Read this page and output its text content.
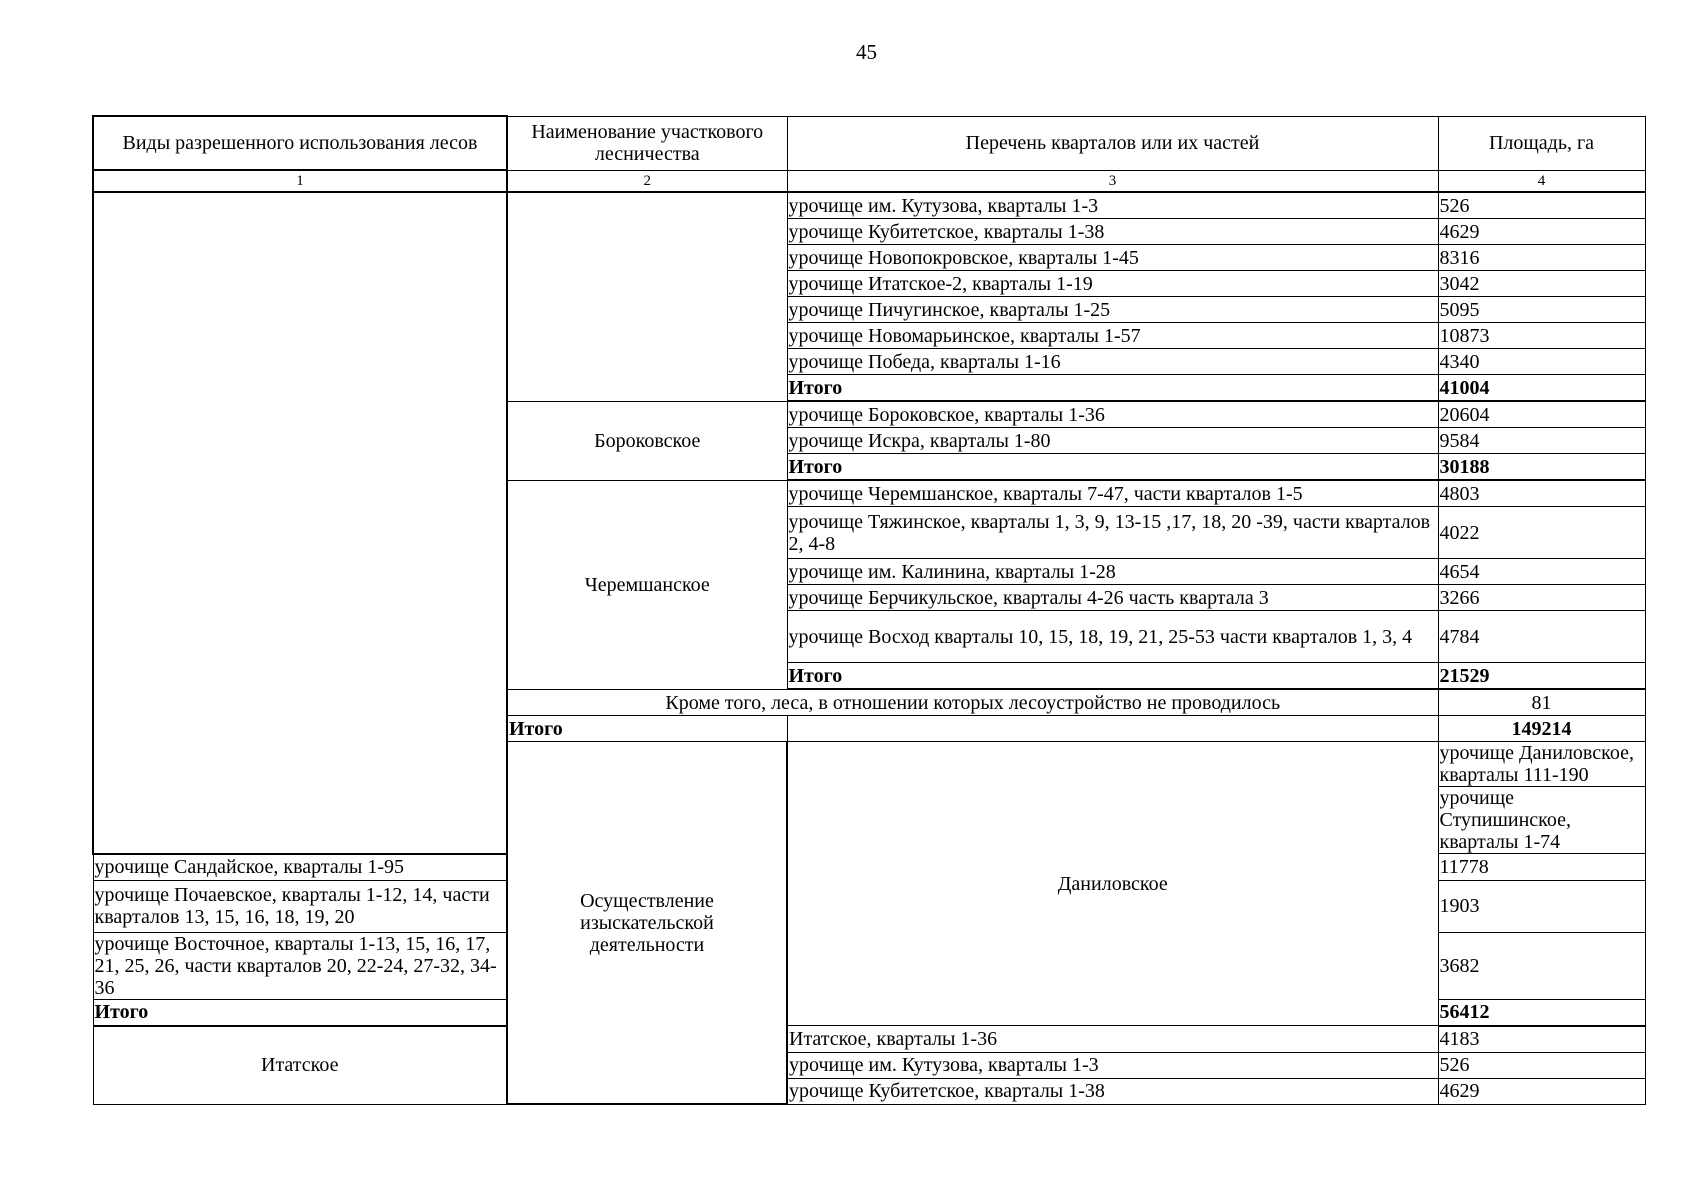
45
Виды разрешенного использования лесов	Наименование участкового лесничества	Перечень кварталов или их частей	Площадь, га	
1	2	3	4	
		урочище им. Кутузова, кварталы 1-3	526	
		урочище Кубитетское, кварталы 1-38	4629	
		урочище Новопокровское, кварталы 1-45	8316	
		урочище Итатское-2, кварталы 1-19	3042	
		урочище Пичугинское, кварталы 1-25	5095	
		урочище Новомарьинское, кварталы 1-57	10873	
		урочище Победа, кварталы 1-16	4340	
		Итого	41004	
	Бороковское	урочище Бороковское, кварталы 1-36	20604	
		урочище Искра, кварталы 1-80	9584	
		Итого	30188	
	Черемшанское	урочище Черемшанское, кварталы 7-47, части кварталов 1-5	4803	
		урочище Тяжинское, кварталы 1, 3, 9, 13-15 ,17, 18, 20 -39, части кварталов 2, 4-8	4022	
		урочище им. Калинина, кварталы 1-28	4654	
		урочище Берчикульское, кварталы 4-26 часть квартала 3	3266	
		урочище Восход кварталы 10, 15, 18, 19, 21, 25-53 части кварталов 1, 3, 4	4784	
		Итого	21529	
	Кроме того, леса, в отношении которых лесоустройство не проводилось		81	
	Итого		149214	
	Осуществление изыскательской деятельности	Даниловское	урочище Даниловское, кварталы 111-190	
			урочище Ступишинское, кварталы 1-74	
урочище Сандайское, кварталы 1-95			11778	
урочище Почаевское, кварталы 1-12, 14, части кварталов 13, 15, 16, 18, 19, 20			1903	
урочище Восточное, кварталы 1-13, 15, 16, 17, 21, 25, 26, части кварталов 20, 22-24, 27-32, 34-36			3682	
Итого			56412	
Итатское		Итатское, кварталы 1-36	4183	
		урочище им. Кутузова, кварталы 1-3	526	
		урочище Кубитетское, кварталы 1-38	4629	
